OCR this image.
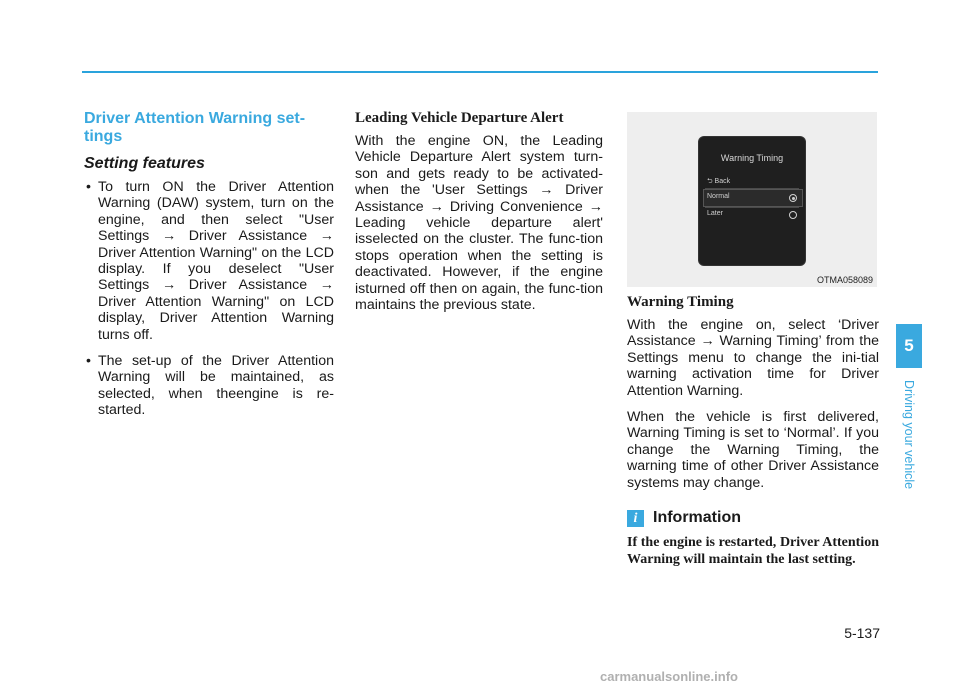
Driver Attention Warning set-tings
Setting features
• To turn ON the Driver Attention Warning (DAW) system, turn on the engine, and then select "User Settings → Driver Assistance → Driver Attention Warning" on the LCD display. If you deselect "User Settings → Driver Assistance → Driver Attention Warning" on LCD display, Driver Attention Warning turns off.
• The set-up of the Driver Attention Warning will be maintained, as selected, when theengine is re-started.
Leading Vehicle Departure Alert

With the engine ON, the Leading Vehicle Departure Alert system turn-son and gets ready to be activated- when the 'User Settings → Driver Assistance → Driving Convenience → Leading vehicle departure alert' isselected on the cluster. The func-tion stops operation when the setting is deactivated. However, if the engine isturned off then on again, the func-tion maintains the previous state.

Warning Timing
⮌ Back
Normal
Later
OTMA058089
Warning Timing

With the engine on, select ‘Driver Assistance → Warning Timing’ from the Settings menu to change the ini-tial warning activation time for Driver Attention Warning.

When the vehicle is first delivered, Warning Timing is set to ‘Normal’. If you change the Warning Timing, the warning time of other Driver Assistance systems may change.

i Information

If the engine is restarted, Driver Attention Warning will maintain the last setting.

5
Driving your vehicle
5-137
carmanualsonline.info
